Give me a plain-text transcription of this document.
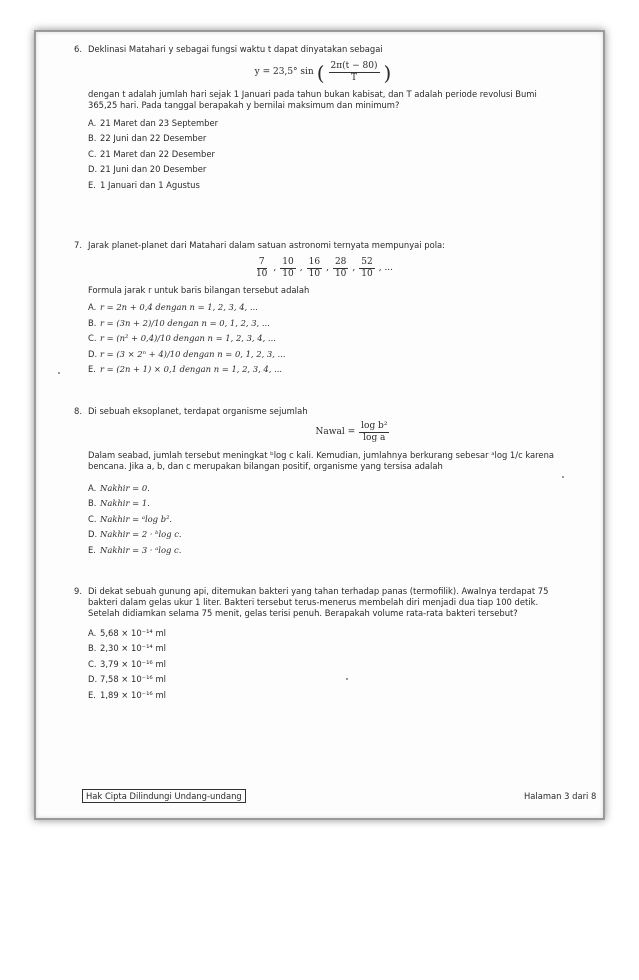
6. Deklinasi Matahari y sebagai fungsi waktu t dapat dinyatakan sebagai

y = 23,5° sin ( $\frac{2\pi(t - 80)}{T}$ )

dengan t adalah jumlah hari sejak 1 Januari pada tahun bukan kabisat, dan T adalah periode revolusi Bumi 365,25 hari. Pada tanggal berapakah y bernilai maksimum dan minimum?

A. 21 Maret dan 23 September
B. 22 Juni dan 22 Desember
C. 21 Maret dan 22 Desember
D. 21 Juni dan 20 Desember
E. 1 Januari dan 1 Agustus
7. Jarak planet-planet dari Matahari dalam satuan astronomi ternyata mempunyai pola:

$\frac{7}{10}$ , $\frac{10}{10}$ , $\frac{16}{10}$ , $\frac{28}{10}$ , $\frac{52}{10}$ , ...

Formula jarak r untuk baris bilangan tersebut adalah

A. r = 2n + 0,4 dengan n = 1, 2, 3, 4, ...
B. r = (3n + 2)/10 dengan n = 0, 1, 2, 3, ...
C. r = (n² + 0,4)/10 dengan n = 1, 2, 3, 4, ...
D. r = (3 × 2ⁿ + 4)/10 dengan n = 0, 1, 2, 3, ...
E. r = (2n + 1) × 0,1 dengan n = 1, 2, 3, 4, ...
8. Di sebuah eksoplanet, terdapat organisme sejumlah

Nawal = $\frac{\text{log b²}}{\text{log a}}$

Dalam seabad, jumlah tersebut meningkat ᵇlog c kali. Kemudian, jumlahnya berkurang sebesar ᵃlog 1/c karena bencana. Jika a, b, dan c merupakan bilangan positif, organisme yang tersisa adalah

A. Nakhir = 0.
B. Nakhir = 1.
C. Nakhir = ᵃlog b².
D. Nakhir = 2 · ᵇlog c.
E. Nakhir = 3 · ᵃlog c.
9. Di dekat sebuah gunung api, ditemukan bakteri yang tahan terhadap panas (termofilik). Awalnya terdapat 75 bakteri dalam gelas ukur 1 liter. Bakteri tersebut terus-menerus membelah diri menjadi dua tiap 100 detik. Setelah didiamkan selama 75 menit, gelas terisi penuh. Berapakah volume rata-rata bakteri tersebut?

A. 5,68 × 10⁻¹⁴ ml
B. 2,30 × 10⁻¹⁴ ml
C. 3,79 × 10⁻¹⁶ ml
D. 7,58 × 10⁻¹⁶ ml
E. 1,89 × 10⁻¹⁶ ml
Hak Cipta Dilindungi Undang-undang	Halaman 3 dari 8
